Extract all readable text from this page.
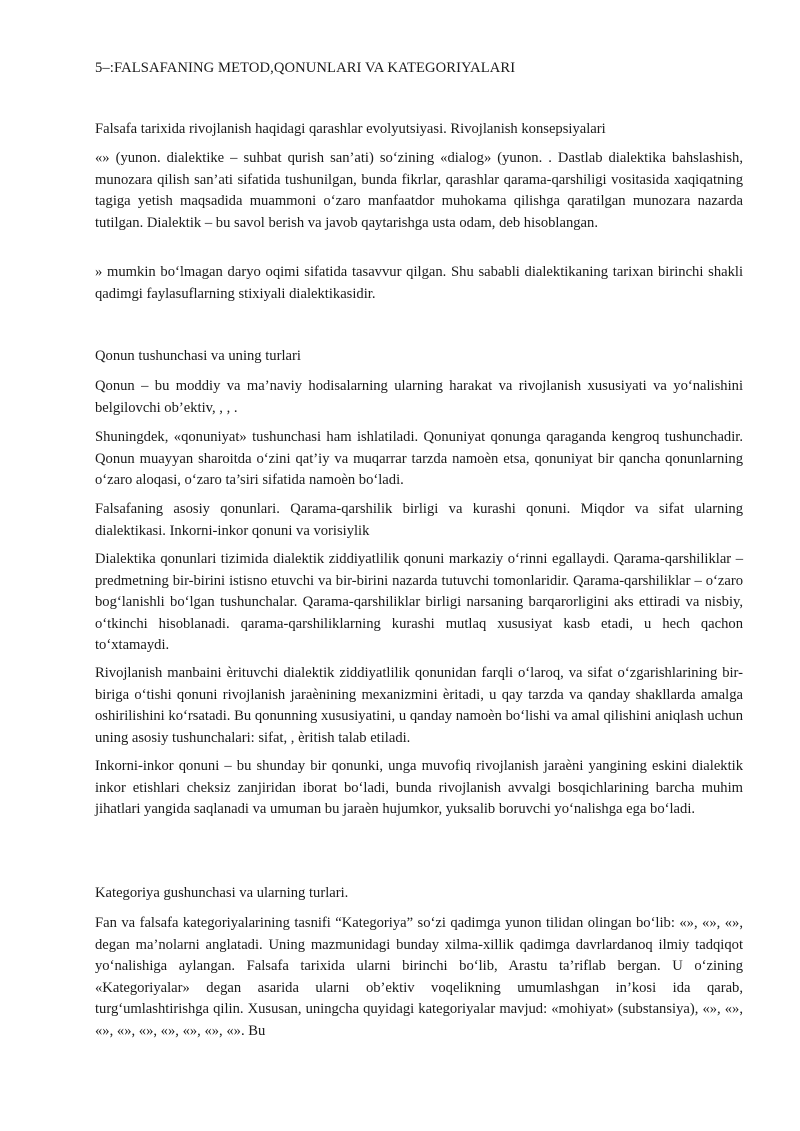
5–:FALSAFANING METOD,QONUNLARI VA KATEGORIYALARI
Falsafa tarixida rivojlanish haqidagi qarashlar evolyutsiyasi. Rivojlanish konsepsiyalari
«» (yunon. dialektike – suhbat qurish san’ati) so‘zining «dialog» (yunon. . Dastlab dialektika bahslashish, munozara qilish san’ati sifatida tushunilgan, bunda fikrlar, qarashlar qarama-qarshiligi vositasida xaqiqatning tagiga yetish maqsadida muammoni o‘zaro manfaatdor muhokama qilishga qaratilgan munozara nazarda tutilgan. Dialektik – bu savol berish va javob qaytarishga usta odam, deb hisoblangan.
» mumkin bo‘lmagan daryo oqimi sifatida tasavvur qilgan. Shu sababli dialektikaning tarixan birinchi shakli qadimgi faylasuflarning stixiyali dialektikasidir.
Qonun tushunchasi va uning turlari
Qonun – bu moddiy va ma’naviy hodisalarning ularning harakat va rivojlanish xususiyati va yo‘nalishini belgilovchi ob’ektiv, , , .
Shuningdek, «qonuniyat» tushunchasi ham ishlatiladi. Qonuniyat qonunga qaraganda kengroq tushunchadir. Qonun muayyan sharoitda o‘zini qat’iy va muqarrar tarzda namoèn etsa, qonuniyat bir qancha qonunlarning o‘zaro aloqasi, o‘zaro ta’siri sifatida namoèn bo‘ladi.
Falsafaning asosiy qonunlari. Qarama-qarshilik birligi va kurashi qonuni. Miqdor va sifat ularning dialektikasi. Inkorni-inkor qonuni va vorisiylik
Dialektika qonunlari tizimida dialektik ziddiyatlilik qonuni markaziy o‘rinni egallaydi. Qarama-qarshiliklar – predmetning bir-birini istisno etuvchi va bir-birini nazarda tutuvchi tomonlaridir. Qarama-qarshiliklar – o‘zaro bog‘lanishli bo‘lgan tushunchalar. Qarama-qarshiliklar birligi narsaning barqarorligini aks ettiradi va nisbiy, o‘tkinchi hisoblanadi. qarama-qarshiliklarning kurashi mutlaq xususiyat kasb etadi, u hech qachon to‘xtamaydi.
Rivojlanish manbaini èrituvchi dialektik ziddiyatlilik qonunidan farqli o‘laroq, va sifat o‘zgarishlarining bir-biriga o‘tishi qonuni rivojlanish jaraènining mexanizmini èritadi, u qay tarzda va qanday shakllarda amalga oshirilishini ko‘rsatadi. Bu qonunning xususiyatini, u qanday namoèn bo‘lishi va amal qilishini aniqlash uchun uning asosiy tushunchalari: sifat, , èritish talab etiladi.
Inkorni-inkor qonuni – bu shunday bir qonunki, unga muvofiq rivojlanish jaraèni yangining eskini dialektik inkor etishlari cheksiz zanjiridan iborat bo‘ladi, bunda rivojlanish avvalgi bosqichlarining barcha muhim jihatlari yangida saqlanadi va umuman bu jaraèn hujumkor, yuksalib boruvchi yo‘nalishga ega bo‘ladi.
Kategoriya gushunchasi va ularning turlari.
Fan va falsafa kategoriyalarining tasnifi “Kategoriya” so‘zi qadimga yunon tilidan olingan bo‘lib: «», «», «», degan ma’nolarni anglatadi. Uning mazmunidagi bunday xilma-xillik qadimga davrlardanoq ilmiy tadqiqot yo‘nalishiga aylangan. Falsafa tarixida ularni birinchi bo‘lib, Arastu ta’riflab bergan. U o‘zining «Kategoriyalar» degan asarida ularni ob’ektiv voqelikning umumlashgan in’kosi ida qarab, turg‘umlashtirishga qilin. Xususan, uningcha quyidagi kategoriyalar mavjud: «mohiyat» (substansiya), «», «», «», «», «», «», «», «», «». Bu
